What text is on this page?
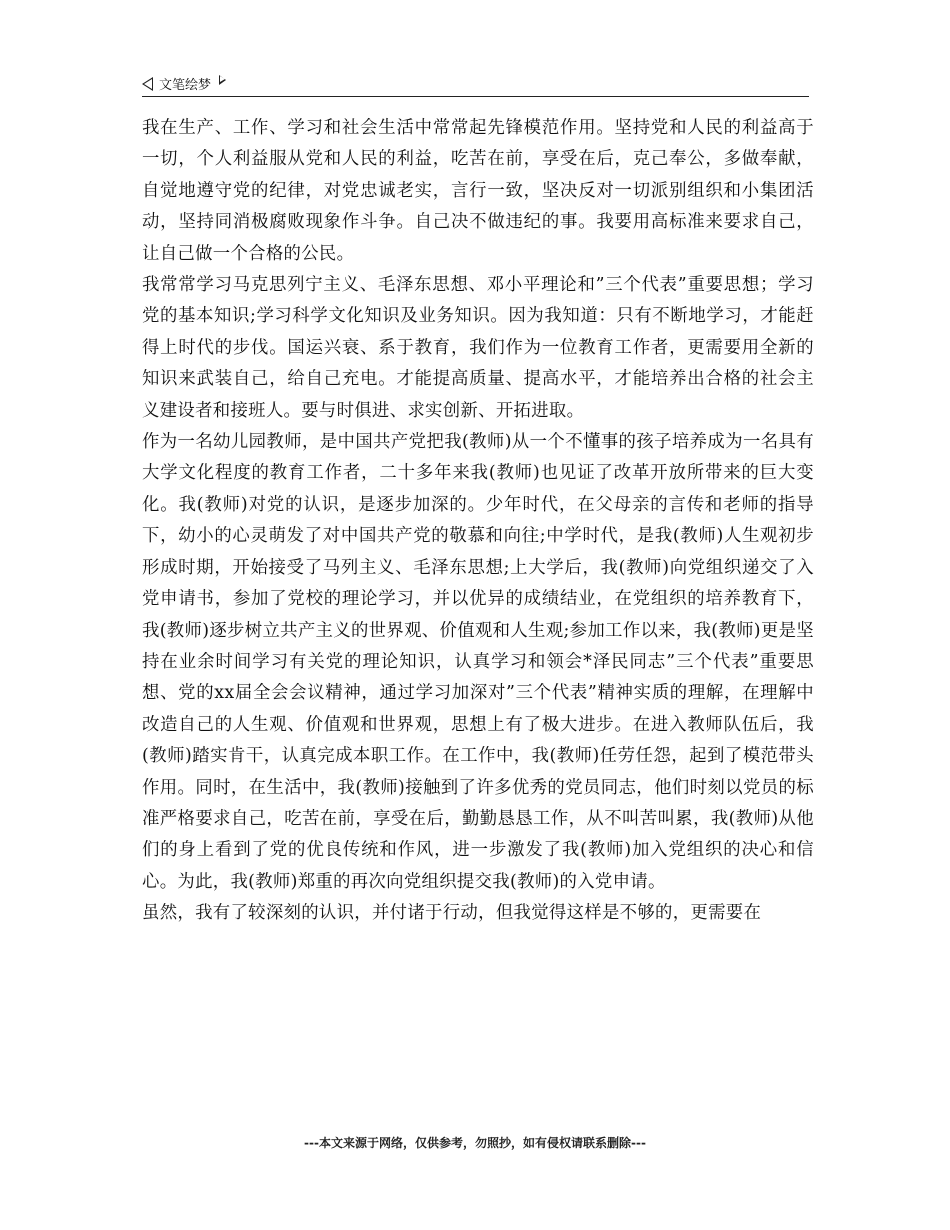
文笔绘梦

我在生产、工作、学习和社会生活中常常起先锋模范作用。坚持党和人民的利益高于一切，个人利益服从党和人民的利益，吃苦在前，享受在后，克己奉公，多做奉献，自觉地遵守党的纪律，对党忠诚老实，言行一致，坚决反对一切派别组织和小集团活动，坚持同消极腐败现象作斗争。自己决不做违纪的事。我要用高标准来要求自己，让自己做一个合格的公民。

我常常学习马克思列宁主义、毛泽东思想、邓小平理论和”三个代表”重要思想；学习党的基本知识;学习科学文化知识及业务知识。因为我知道：只有不断地学习，才能赶得上时代的步伐。国运兴衰、系于教育，我们作为一位教育工作者，更需要用全新的知识来武装自己，给自己充电。才能提高质量、提高水平，才能培养出合格的社会主义建设者和接班人。要与时俱进、求实创新、开拓进取。

作为一名幼儿园教师，是中国共产党把我(教师)从一个不懂事的孩子培养成为一名具有大学文化程度的教育工作者，二十多年来我(教师)也见证了改革开放所带来的巨大变化。我(教师)对党的认识，是逐步加深的。少年时代，在父母亲的言传和老师的指导下，幼小的心灵萌发了对中国共产党的敬慕和向往;中学时代，是我(教师)人生观初步形成时期，开始接受了马列主义、毛泽东思想;上大学后，我(教师)向党组织递交了入党申请书，参加了党校的理论学习，并以优异的成绩结业，在党组织的培养教育下，我(教师)逐步树立共产主义的世界观、价值观和人生观;参加工作以来，我(教师)更是坚持在业余时间学习有关党的理论知识，认真学习和领会*泽民同志”三个代表”重要思想、党的xx届全会会议精神，通过学习加深对”三个代表”精神实质的理解，在理解中改造自己的人生观、价值观和世界观，思想上有了极大进步。在进入教师队伍后，我(教师)踏实肯干，认真完成本职工作。在工作中，我(教师)任劳任怨，起到了模范带头作用。同时，在生活中，我(教师)接触到了许多优秀的党员同志，他们时刻以党员的标准严格要求自己，吃苦在前，享受在后，勤勤恳恳工作，从不叫苦叫累，我(教师)从他们的身上看到了党的优良传统和作风，进一步激发了我(教师)加入党组织的决心和信心。为此，我(教师)郑重的再次向党组织提交我(教师)的入党申请。

虽然，我有了较深刻的认识，并付诸于行动，但我觉得这样是不够的，更需要在

---本文来源于网络，仅供参考，勿照抄，如有侵权请联系删除---
